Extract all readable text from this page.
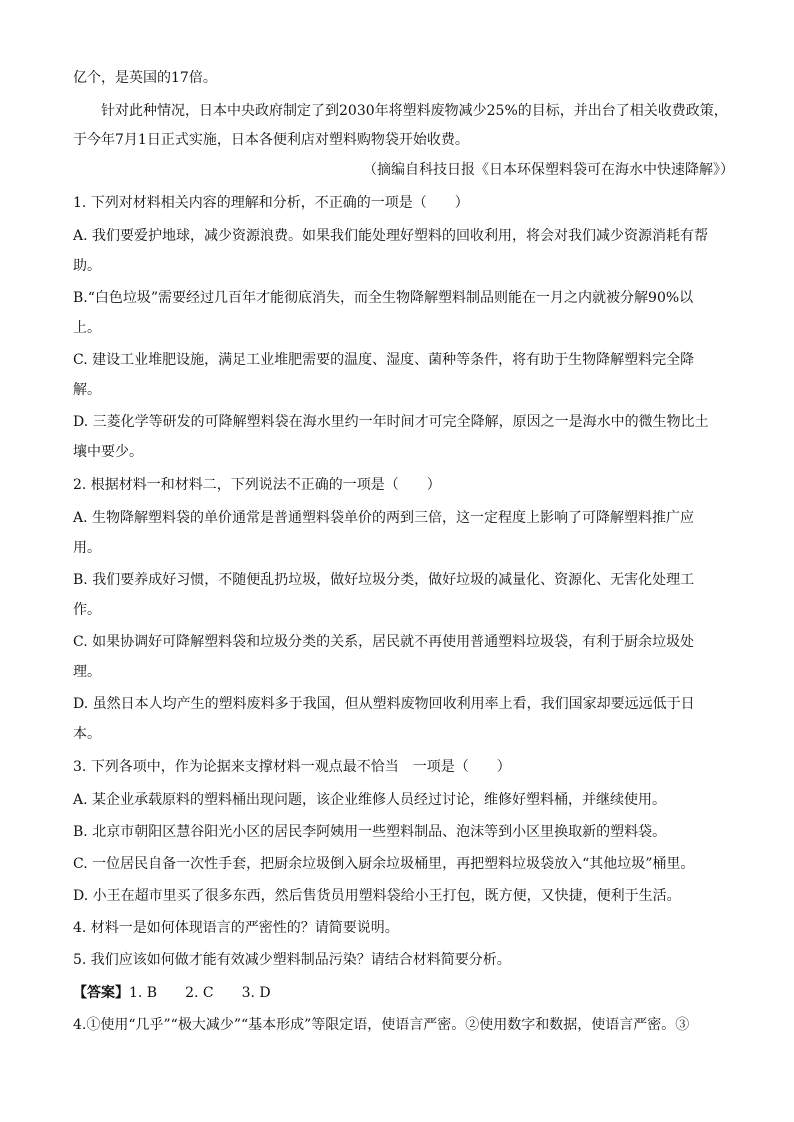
亿个，是英国的17倍。
针对此种情况，日本中央政府制定了到2030年将塑料废物减少25%的目标，并出台了相关收费政策，
于今年7月1日正式实施，日本各便利店对塑料购物袋开始收费。
（摘编自科技日报《日本环保塑料袋可在海水中快速降解》）
1. 下列对材料相关内容的理解和分析，不正确的一项是（　　）
A. 我们要爱护地球，减少资源浪费。如果我们能处理好塑料的回收利用，将会对我们减少资源消耗有帮
助。
B.“白色垃圾”需要经过几百年才能彻底消失，而全生物降解塑料制品则能在一月之内就被分解90%以
上。
C. 建设工业堆肥设施，满足工业堆肥需要的温度、湿度、菌种等条件，将有助于生物降解塑料完全降
解。
D. 三菱化学等研发的可降解塑料袋在海水里约一年时间才可完全降解，原因之一是海水中的微生物比土
壤中要少。
2. 根据材料一和材料二，下列说法不正确的一项是（　　）
A. 生物降解塑料袋的单价通常是普通塑料袋单价的两到三倍，这一定程度上影响了可降解塑料推广应
用。
B. 我们要养成好习惯，不随便乱扔垃圾，做好垃圾分类，做好垃圾的减量化、资源化、无害化处理工
作。
C. 如果协调好可降解塑料袋和垃圾分类的关系，居民就不再使用普通塑料垃圾袋，有利于厨余垃圾处
理。
D. 虽然日本人均产生的塑料废料多于我国，但从塑料废物回收利用率上看，我们国家却要远远低于日
本。
3. 下列各项中，作为论据来支撑材料一观点最不恰当　一项是（　　）
A. 某企业承载原料的塑料桶出现问题，该企业维修人员经过讨论，维修好塑料桶，并继续使用。
B. 北京市朝阳区慧谷阳光小区的居民李阿姨用一些塑料制品、泡沫等到小区里换取新的塑料袋。
C. 一位居民自备一次性手套，把厨余垃圾倒入厨余垃圾桶里，再把塑料垃圾袋放入“其他垃圾”桶里。
D. 小王在超市里买了很多东西，然后售货员用塑料袋给小王打包，既方便，又快捷，便利于生活。
4. 材料一是如何体现语言的严密性的？请简要说明。
5. 我们应该如何做才能有效减少塑料制品污染？请结合材料简要分析。
【答案】1. B　　2. C　　3. D
4.①使用“几乎”“极大减少”“基本形成”等限定语，使语言严密。②使用数字和数据，使语言严密。③
